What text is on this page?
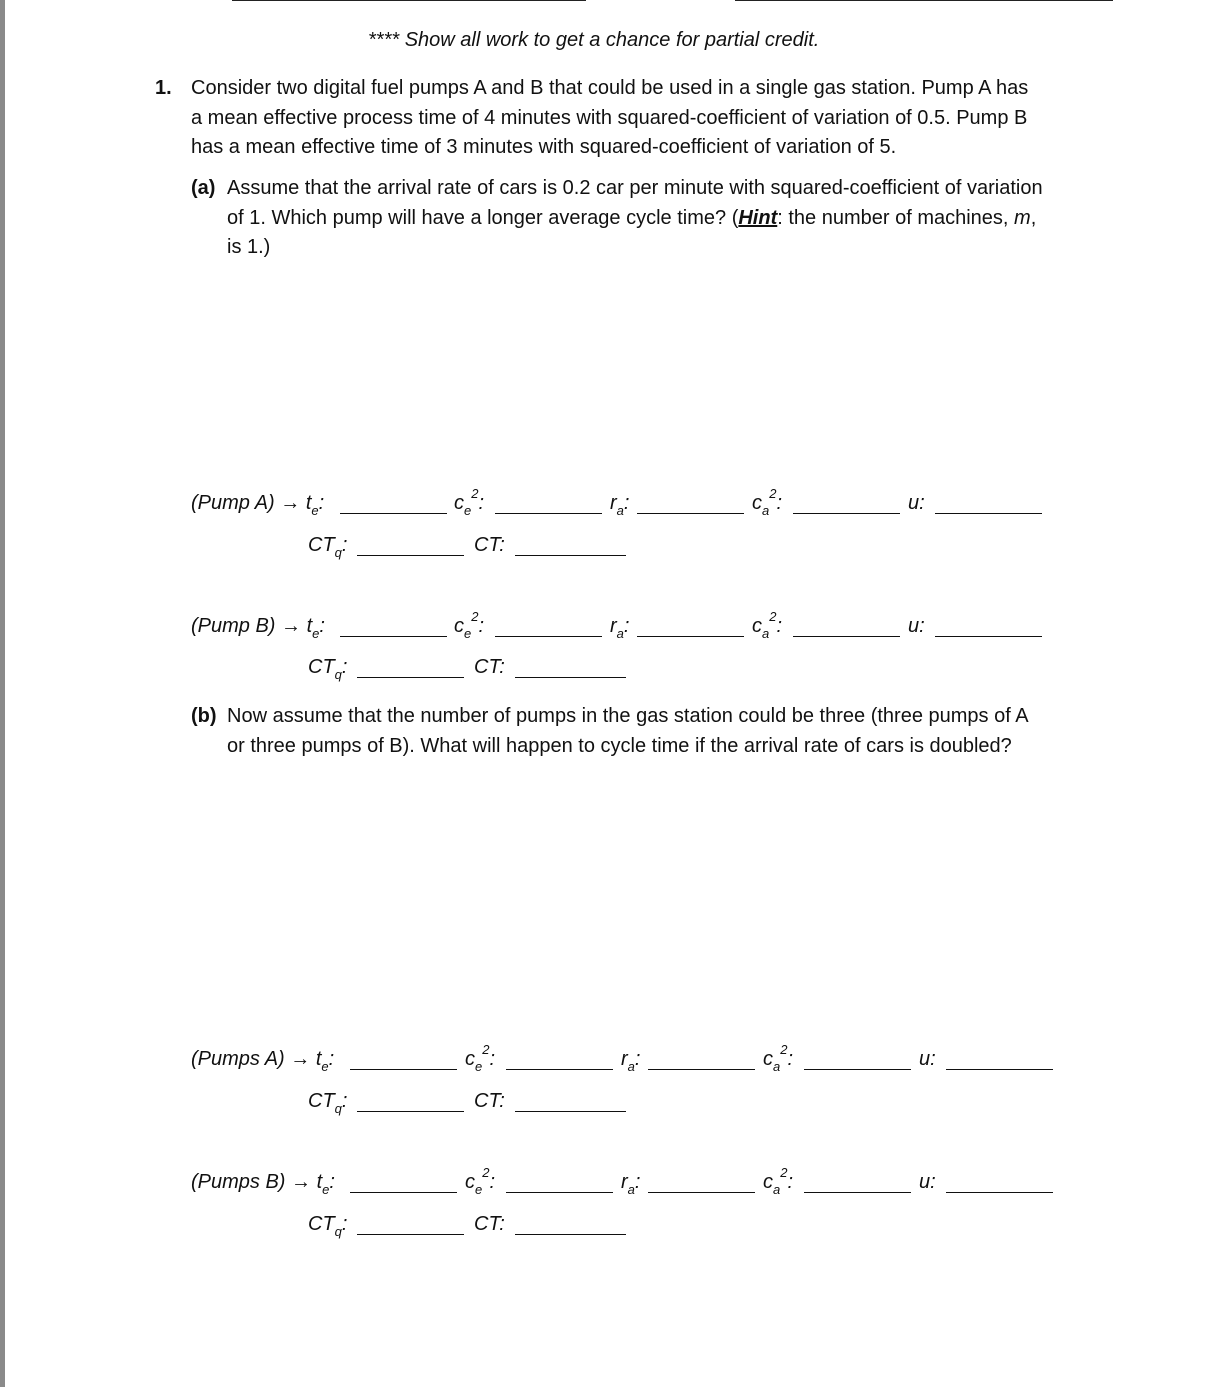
**** Show all work to get a chance for partial credit.
1. Consider two digital fuel pumps A and B that could be used in a single gas station. Pump A has
a mean effective process time of 4 minutes with squared-coefficient of variation of 0.5. Pump B
has a mean effective time of 3 minutes with squared-coefficient of variation of 5.
(a) Assume that the arrival rate of cars is 0.2 car per minute with squared-coefficient of variation
of 1. Which pump will have a longer average cycle time? (Hint: the number of machines, m,
is 1.)
(b) Now assume that the number of pumps in the gas station could be three (three pumps of A
or three pumps of B). What will happen to cycle time if the arrival rate of cars is doubled?
(Pump $A) \to t_e$:	$c_e^2$:	$r_a$:	$c_a^2$:	u:
$CT_q$:	CT:
(Pump $B) \to t_e$:	$c_e^2$:	$r_a$:	$c_a^2$:	u:
$CT_q$:	CT:
(Pumps $A) \to t_e$:	$c_e^2$:	$r_a$:	$c_a^2$:	u:
$CT_q$:	CT:
(Pumps $B) \to t_e$:	$c_e^2$:	$r_a$:	$c_a^2$:	u:
$CT_q$:	CT:
